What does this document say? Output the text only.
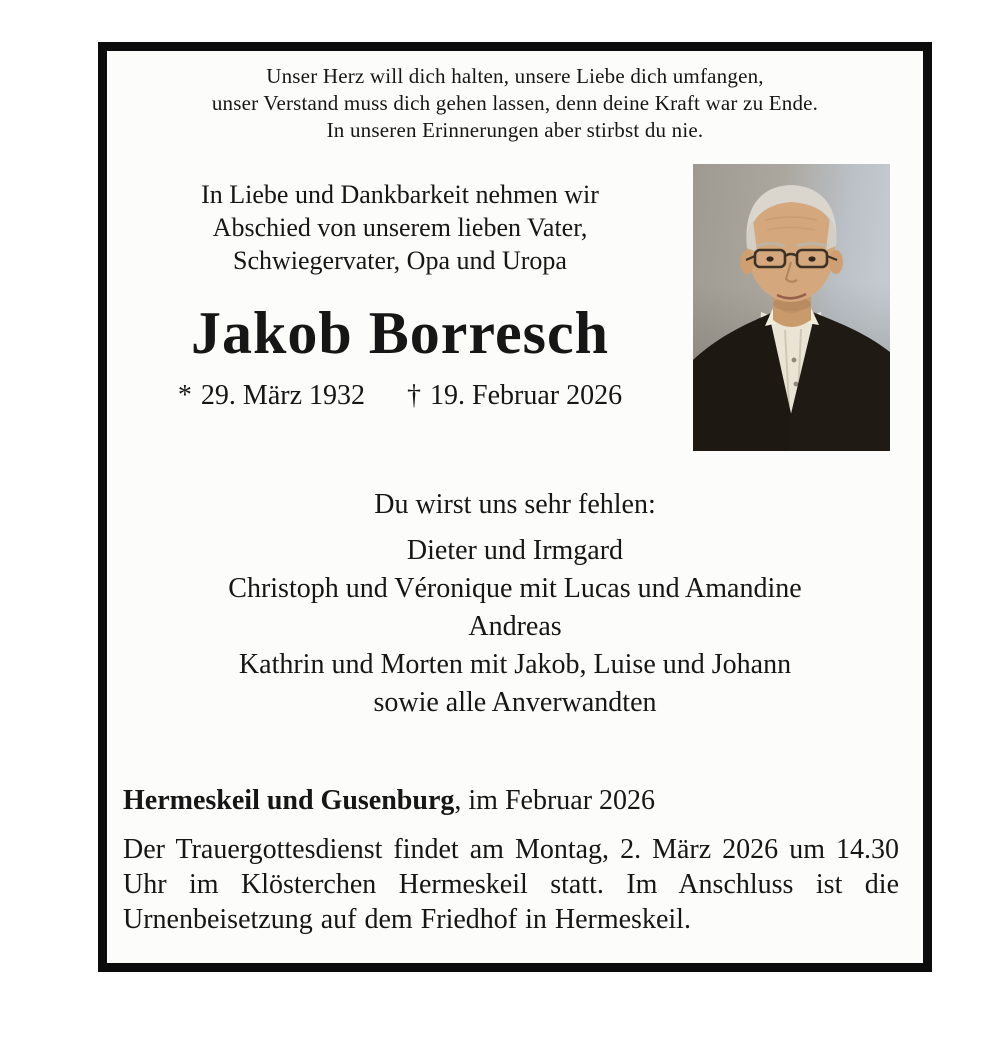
Unser Herz will dich halten, unsere Liebe dich umfangen,
unser Verstand muss dich gehen lassen, denn deine Kraft war zu Ende.
In unseren Erinnerungen aber stirbst du nie.
In Liebe und Dankbarkeit nehmen wir
Abschied von unserem lieben Vater,
Schwiegervater, Opa und Uropa
Jakob Borresch
* 29. März 1932 † 19. Februar 2026
Du wirst uns sehr fehlen:
Dieter und Irmgard
Christoph und Véronique mit Lucas und Amandine
Andreas
Kathrin und Morten mit Jakob, Luise und Johann
sowie alle Anverwandten
Hermeskeil und Gusenburg, im Februar 2026

Der Trauergottesdienst findet am Montag, 2. März 2026 um 14.30 Uhr im Klösterchen Hermeskeil statt. Im Anschluss ist die Urnenbeisetzung auf dem Friedhof in Hermeskeil.
